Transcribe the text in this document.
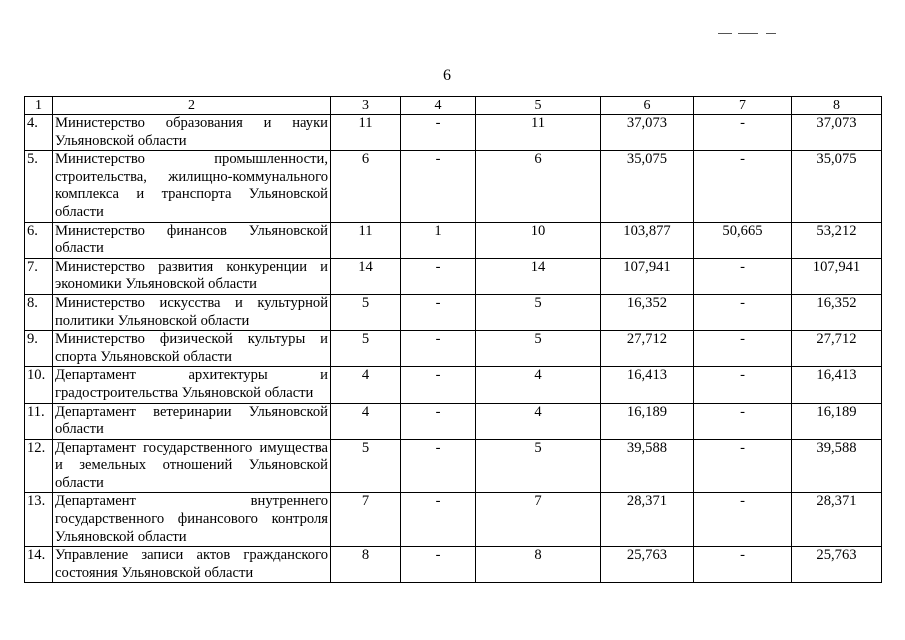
6
1	2	3	4	5	6	7	8
4.	Министерство образования и науки Ульяновской области	11	-	11	37,073	-	37,073
5.	Министерство промышленности, строительства, жилищно-коммунального комплекса и транспорта Ульяновской области	6	-	6	35,075	-	35,075
6.	Министерство финансов Ульяновской области	11	1	10	103,877	50,665	53,212
7.	Министерство развития конкуренции и экономики Ульяновской области	14	-	14	107,941	-	107,941
8.	Министерство искусства и культурной политики Ульяновской области	5	-	5	16,352	-	16,352
9.	Министерство физической культуры и спорта Ульяновской области	5	-	5	27,712	-	27,712
10.	Департамент архитектуры и градостроительства Ульяновской области	4	-	4	16,413	-	16,413
11.	Департамент ветеринарии Ульяновской области	4	-	4	16,189	-	16,189
12.	Департамент государственного имущества и земельных отношений Ульяновской области	5	-	5	39,588	-	39,588
13.	Департамент внутреннего государственного финансового контроля Ульяновской области	7	-	7	28,371	-	28,371
14.	Управление записи актов гражданского состояния Ульяновской области	8	-	8	25,763	-	25,763
